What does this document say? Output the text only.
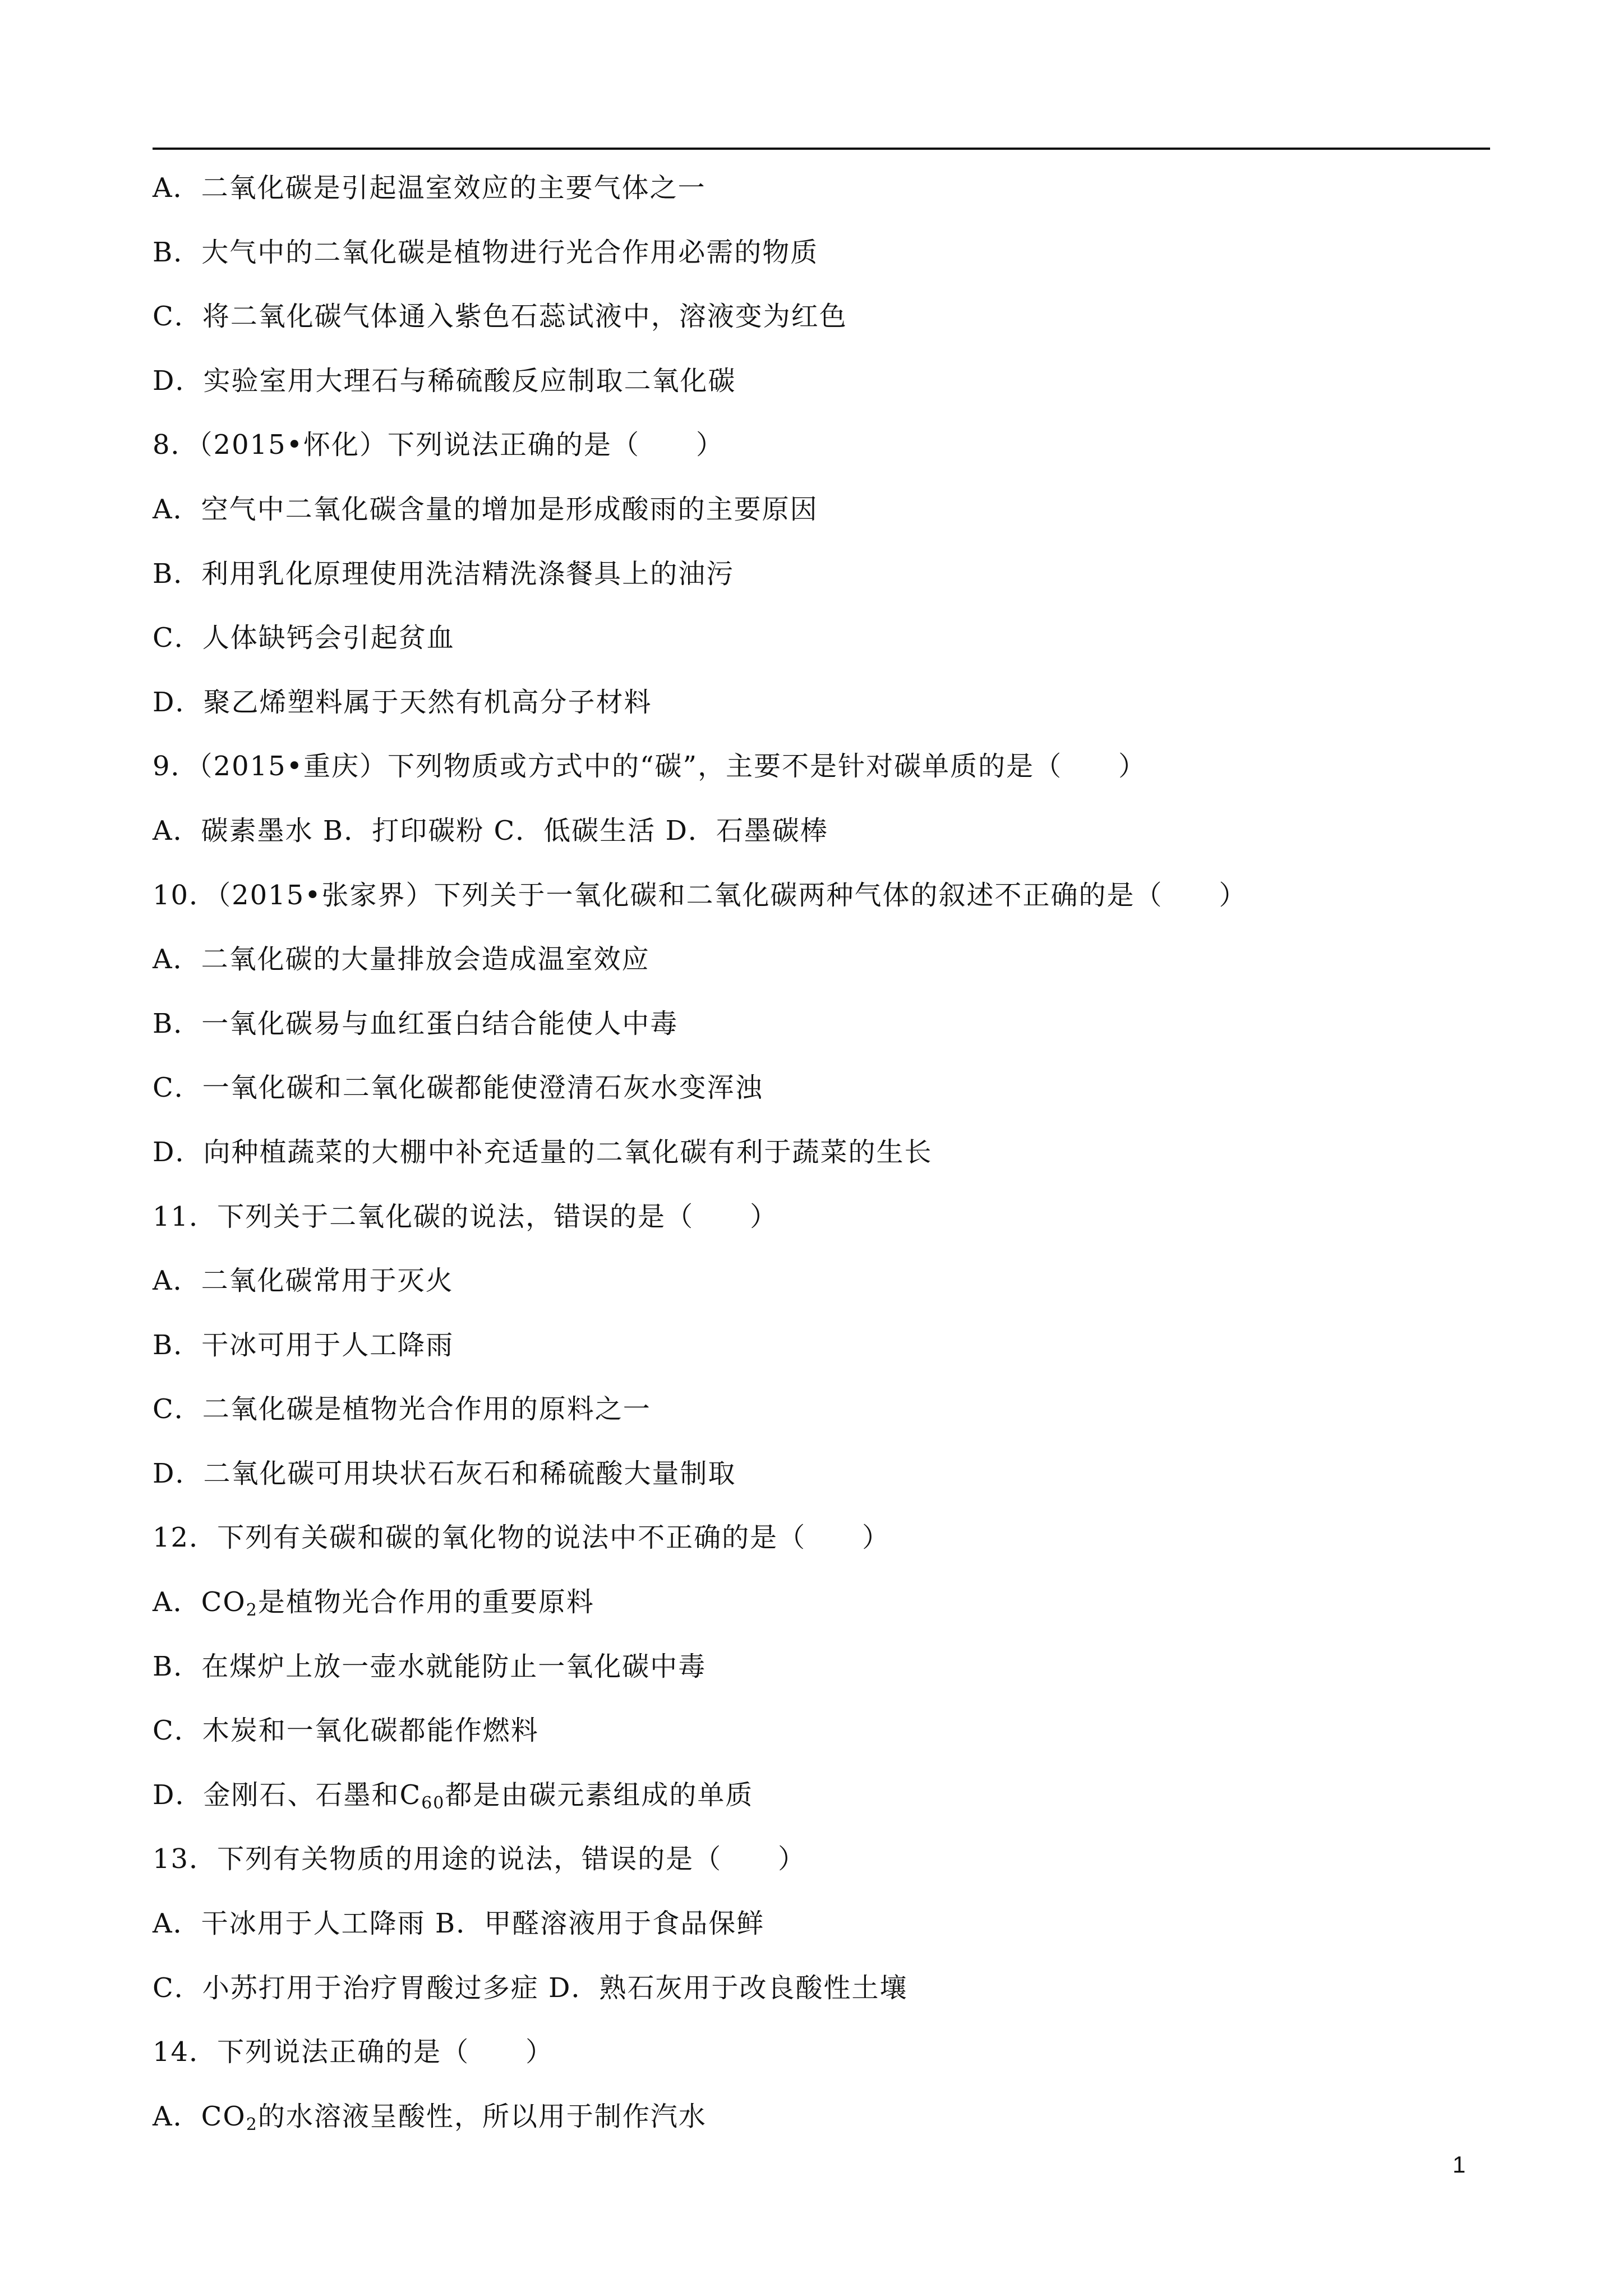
A．二氧化碳是引起温室效应的主要气体之一
B．大气中的二氧化碳是植物进行光合作用必需的物质
C．将二氧化碳气体通入紫色石蕊试液中，溶液变为红色
D．实验室用大理石与稀硫酸反应制取二氧化碳
8．（2015•怀化）下列说法正确的是（　　）
A．空气中二氧化碳含量的增加是形成酸雨的主要原因
B．利用乳化原理使用洗洁精洗涤餐具上的油污
C．人体缺钙会引起贫血
D．聚乙烯塑料属于天然有机高分子材料
9．（2015•重庆）下列物质或方式中的“碳”，主要不是针对碳单质的是（　　）
A．碳素墨水 B．打印碳粉 C．低碳生活 D．石墨碳棒
10．（2015•张家界）下列关于一氧化碳和二氧化碳两种气体的叙述不正确的是（　　）
A．二氧化碳的大量排放会造成温室效应
B．一氧化碳易与血红蛋白结合能使人中毒
C．一氧化碳和二氧化碳都能使澄清石灰水变浑浊
D．向种植蔬菜的大棚中补充适量的二氧化碳有利于蔬菜的生长
11．下列关于二氧化碳的说法，错误的是（　　）
A．二氧化碳常用于灭火
B．干冰可用于人工降雨
C．二氧化碳是植物光合作用的原料之一
D．二氧化碳可用块状石灰石和稀硫酸大量制取
12．下列有关碳和碳的氧化物的说法中不正确的是（　　）
A．$CO_2$是植物光合作用的重要原料
B．在煤炉上放一壶水就能防止一氧化碳中毒
C．木炭和一氧化碳都能作燃料
D．金刚石、石墨和$C_{60}$都是由碳元素组成的单质
13．下列有关物质的用途的说法，错误的是（　　）
A．干冰用于人工降雨 B．甲醛溶液用于食品保鲜
C．小苏打用于治疗胃酸过多症 D．熟石灰用于改良酸性土壤
14．下列说法正确的是（　　）
A．$CO_2$的水溶液呈酸性，所以用于制作汽水
1
